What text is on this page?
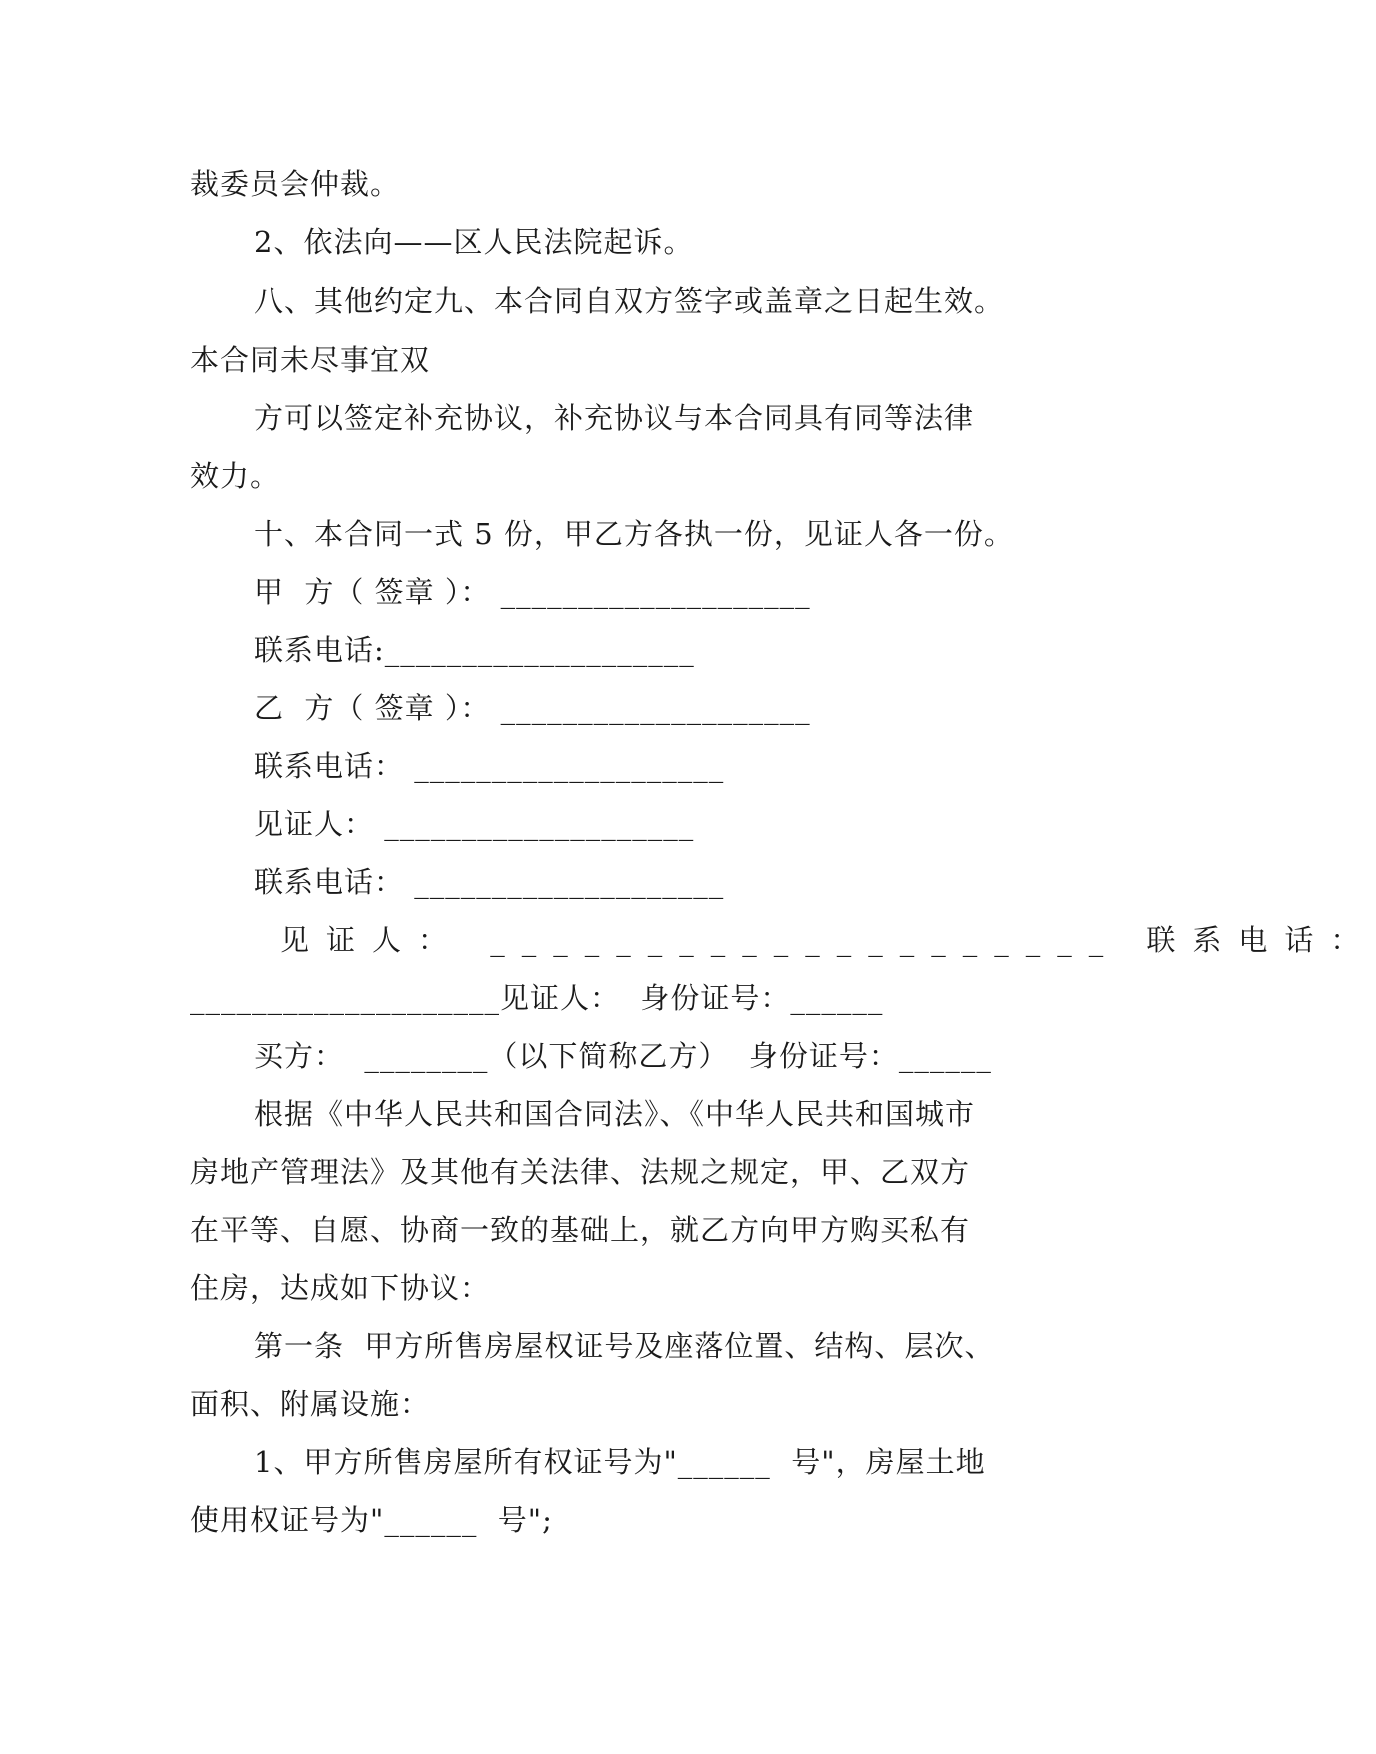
裁委员会仲裁。
2、依法向——区人民法院起诉。
八、其他约定九、本合同自双方签字或盖章之日起生效。
本合同未尽事宜双
方可以签定补充协议，补充协议与本合同具有同等法律
效力。
十、本合同一式 5 份，甲乙方各执一份，见证人各一份。
甲  方（ 签章 ）： ____________________
联系电话:____________________
乙  方（ 签章 ）： ____________________
联系电话： ____________________
见证人： ____________________
联系电话： ____________________
见证人： ____________________ 联系电话：
____________________见证人：  身份证号：______
买方：  ________（以下简称乙方）  身份证号：______
根据《中华人民共和国合同法》、《中华人民共和国城市
房地产管理法》及其他有关法律、法规之规定，甲、乙双方
在平等、自愿、协商一致的基础上，就乙方向甲方购买私有
住房，达成如下协议：
第一条  甲方所售房屋权证号及座落位置、结构、层次、
面积、附属设施：
1、甲方所售房屋所有权证号为"______  号"，房屋土地
使用权证号为"______  号";
